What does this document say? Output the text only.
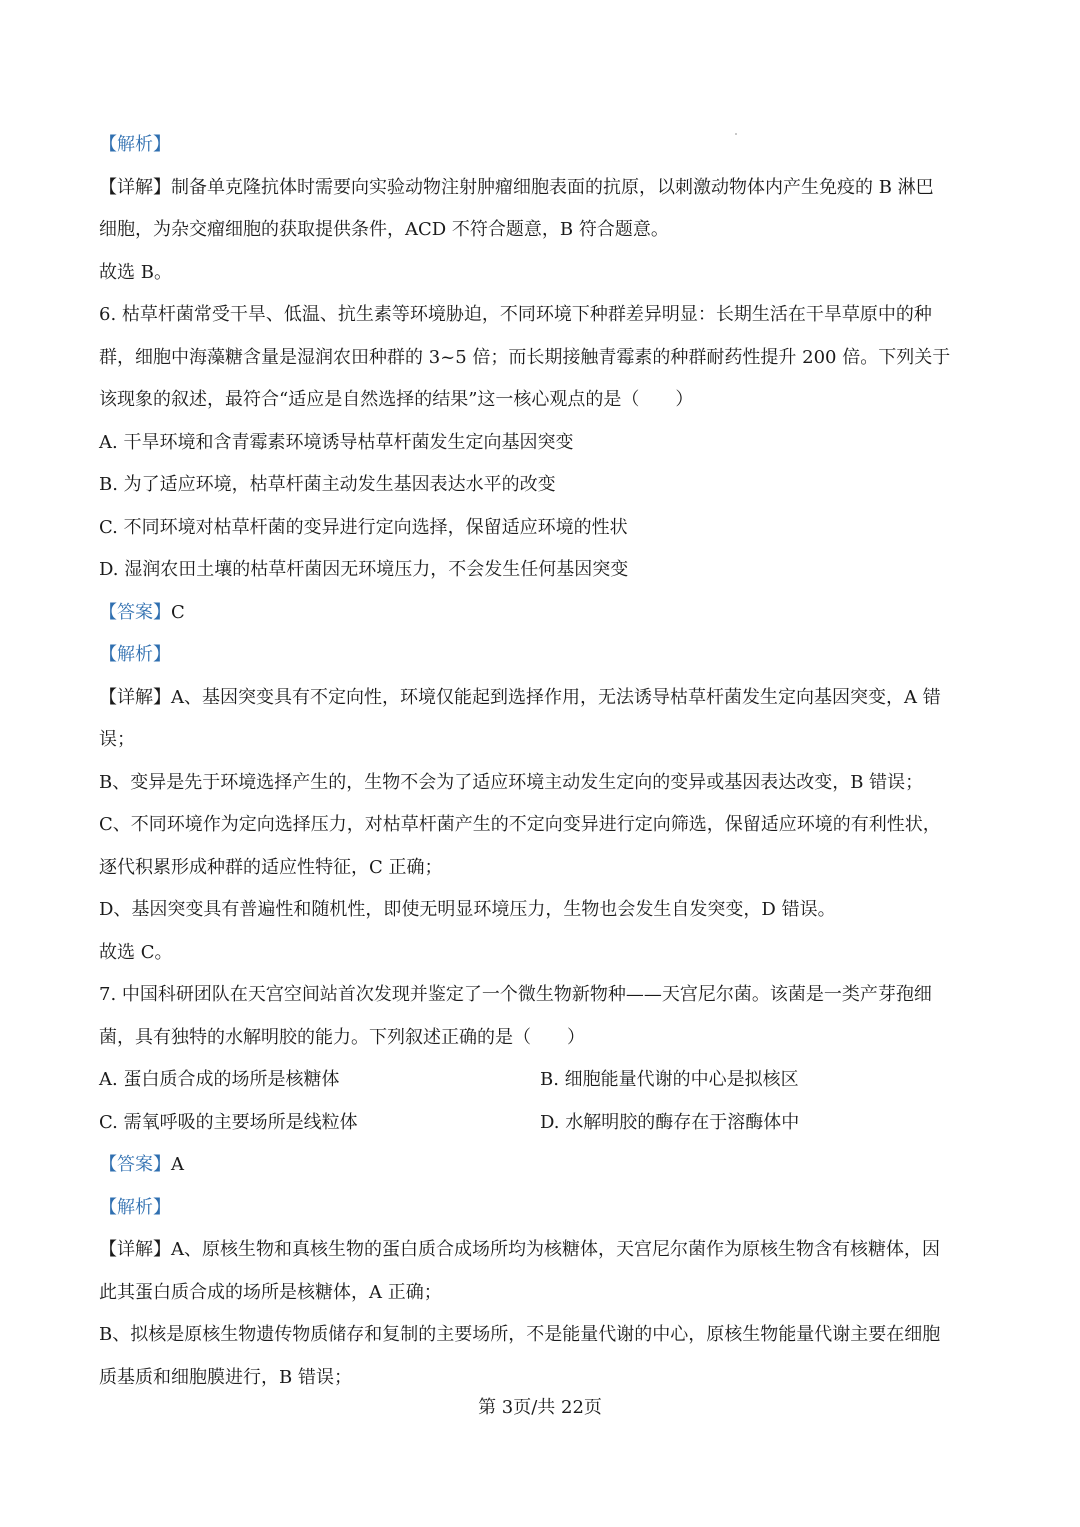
【解析】
【详解】制备单克隆抗体时需要向实验动物注射肿瘤细胞表面的抗原，以刺激动物体内产生免疫的 B 淋巴
细胞，为杂交瘤细胞的获取提供条件，ACD 不符合题意，B 符合题意。
故选 B。
6. 枯草杆菌常受干旱、低温、抗生素等环境胁迫，不同环境下种群差异明显：长期生活在干旱草原中的种
群，细胞中海藻糖含量是湿润农田种群的 3~5 倍；而长期接触青霉素的种群耐药性提升 200 倍。下列关于
该现象的叙述，最符合“适应是自然选择的结果”这一核心观点的是（　　）
A. 干旱环境和含青霉素环境诱导枯草杆菌发生定向基因突变
B. 为了适应环境，枯草杆菌主动发生基因表达水平的改变
C. 不同环境对枯草杆菌的变异进行定向选择，保留适应环境的性状
D. 湿润农田土壤的枯草杆菌因无环境压力，不会发生任何基因突变
【答案】C
【解析】
【详解】A、基因突变具有不定向性，环境仅能起到选择作用，无法诱导枯草杆菌发生定向基因突变，A 错
误；
B、变异是先于环境选择产生的，生物不会为了适应环境主动发生定向的变异或基因表达改变，B 错误；
C、不同环境作为定向选择压力，对枯草杆菌产生的不定向变异进行定向筛选，保留适应环境的有利性状，
逐代积累形成种群的适应性特征，C 正确；
D、基因突变具有普遍性和随机性，即使无明显环境压力，生物也会发生自发突变，D 错误。
故选 C。
7. 中国科研团队在天宫空间站首次发现并鉴定了一个微生物新物种——天宫尼尔菌。该菌是一类产芽孢细
菌，具有独特的水解明胶的能力。下列叙述正确的是（　　）
A. 蛋白质合成的场所是核糖体	B. 细胞能量代谢的中心是拟核区
C. 需氧呼吸的主要场所是线粒体	D. 水解明胶的酶存在于溶酶体中
【答案】A
【解析】
【详解】A、原核生物和真核生物的蛋白质合成场所均为核糖体，天宫尼尔菌作为原核生物含有核糖体，因
此其蛋白质合成的场所是核糖体，A 正确；
B、拟核是原核生物遗传物质储存和复制的主要场所，不是能量代谢的中心，原核生物能量代谢主要在细胞
质基质和细胞膜进行，B 错误；
第 3页/共 22页
